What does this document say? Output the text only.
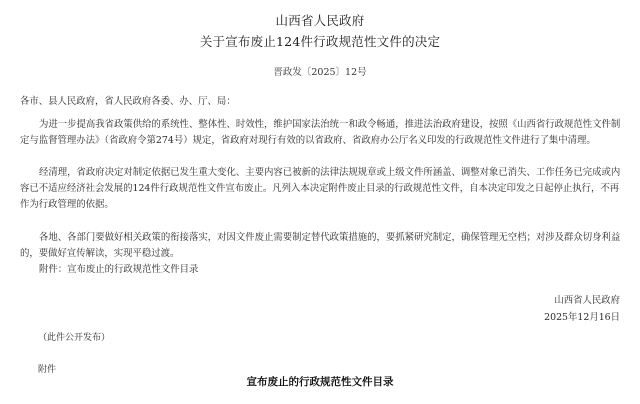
山西省人民政府
关于宣布废止124件行政规范性文件的决定
晋政发〔2025〕12号

各市、县人民政府，省人民政府各委、办、厅、局：

为进一步提高我省政策供给的系统性、整体性、时效性，维护国家法治统一和政令畅通，推进法治政府建设，按照《山西省行政规范性文件制定与监督管理办法》（省政府令第274号）规定，省政府对现行有效的以省政府、省政府办公厅名义印发的行政规范性文件进行了集中清理。

经清理，省政府决定对制定依据已发生重大变化、主要内容已被新的法律法规规章或上级文件所涵盖、调整对象已消失、工作任务已完成或内容已不适应经济社会发展的124件行政规范性文件宣布废止。凡列入本决定附件废止目录的行政规范性文件，自本决定印发之日起停止执行，不再作为行政管理的依据。

各地、各部门要做好相关政策的衔接落实，对因文件废止需要制定替代政策措施的，要抓紧研究制定，确保管理无空档；对涉及群众切身利益的，要做好宣传解读，实现平稳过渡。

附件：宣布废止的行政规范性文件目录

山西省人民政府
2025年12月16日
（此件公开发布）
附件
宣布废止的行政规范性文件目录
